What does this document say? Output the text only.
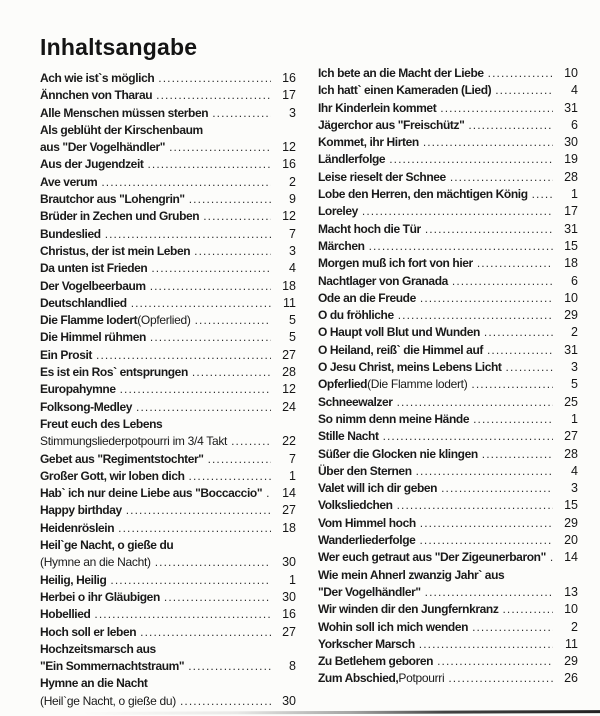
Inhaltsangabe
Ach wie ist`s möglich .....	16
Ännchen von Tharau .....	17
Alle Menschen müssen sterben .....	3
Als geblüht der Kirschenbaum
aus "Der Vogelhändler" .....	12
Aus der Jugendzeit .....	16
Ave verum .....	2
Brautchor aus "Lohengrin" .....	9
Brüder in Zechen und Gruben .....	12
Bundeslied .....	7
Christus, der ist mein Leben .....	3
Da unten ist Frieden .....	4
Der Vogelbeerbaum .....	18
Deutschlandlied .....	11
Die Flamme lodert (Opferlied) .....	5
Die Himmel rühmen .....	5
Ein Prosit .....	27
Es ist ein Ros` entsprungen .....	28
Europahymne .....	12
Folksong-Medley .....	24
Freut euch des Lebens
Stimmungsliederpotpourri im 3/4 Takt .....	22
Gebet aus "Regimentstochter" .....	7
Großer Gott, wir loben dich .....	1
Hab` ich nur deine Liebe aus "Boccaccio" .....	14
Happy birthday .....	27
Heidenröslein .....	18
Heil`ge Nacht, o gieße du
(Hymne an die Nacht) .....	30
Heilig, Heilig .....	1
Herbei o ihr Gläubigen .....	30
Hobellied .....	16
Hoch soll er leben .....	27
Hochzeitsmarsch aus
"Ein Sommernachtstraum" .....	8
Hymne an die Nacht
(Heil`ge Nacht, o gieße du) .....	30
Ich bete an die Macht der Liebe .....	10
Ich hatt` einen Kameraden (Lied) .....	4
Ihr Kinderlein kommet .....	31
Jägerchor aus "Freischütz" .....	6
Kommet, ihr Hirten .....	30
Ländlerfolge .....	19
Leise rieselt der Schnee .....	28
Lobe den Herren, den mächtigen König .....	1
Loreley .....	17
Macht hoch die Tür .....	31
Märchen .....	15
Morgen muß ich fort von hier .....	18
Nachtlager von Granada .....	6
Ode an die Freude .....	10
O du fröhliche .....	29
O Haupt voll Blut und Wunden .....	2
O Heiland, reiß` die Himmel auf .....	31
O Jesu Christ, meins Lebens Licht .....	3
Opferlied (Die Flamme lodert) .....	5
Schneewalzer .....	25
So nimm denn meine Hände .....	1
Stille Nacht .....	27
Süßer die Glocken nie klingen .....	28
Über den Sternen .....	4
Valet will ich dir geben .....	3
Volksliedchen .....	15
Vom Himmel hoch .....	29
Wanderliederfolge .....	20
Wer euch getraut aus "Der Zigeunerbaron" .....	14
Wie mein Ahnerl zwanzig Jahr` aus
"Der Vogelhändler" .....	13
Wir winden dir den Jungfernkranz .....	10
Wohin soll ich mich wenden .....	2
Yorkscher Marsch .....	11
Zu Betlehem geboren .....	29
Zum Abschied, Potpourri .....	26
